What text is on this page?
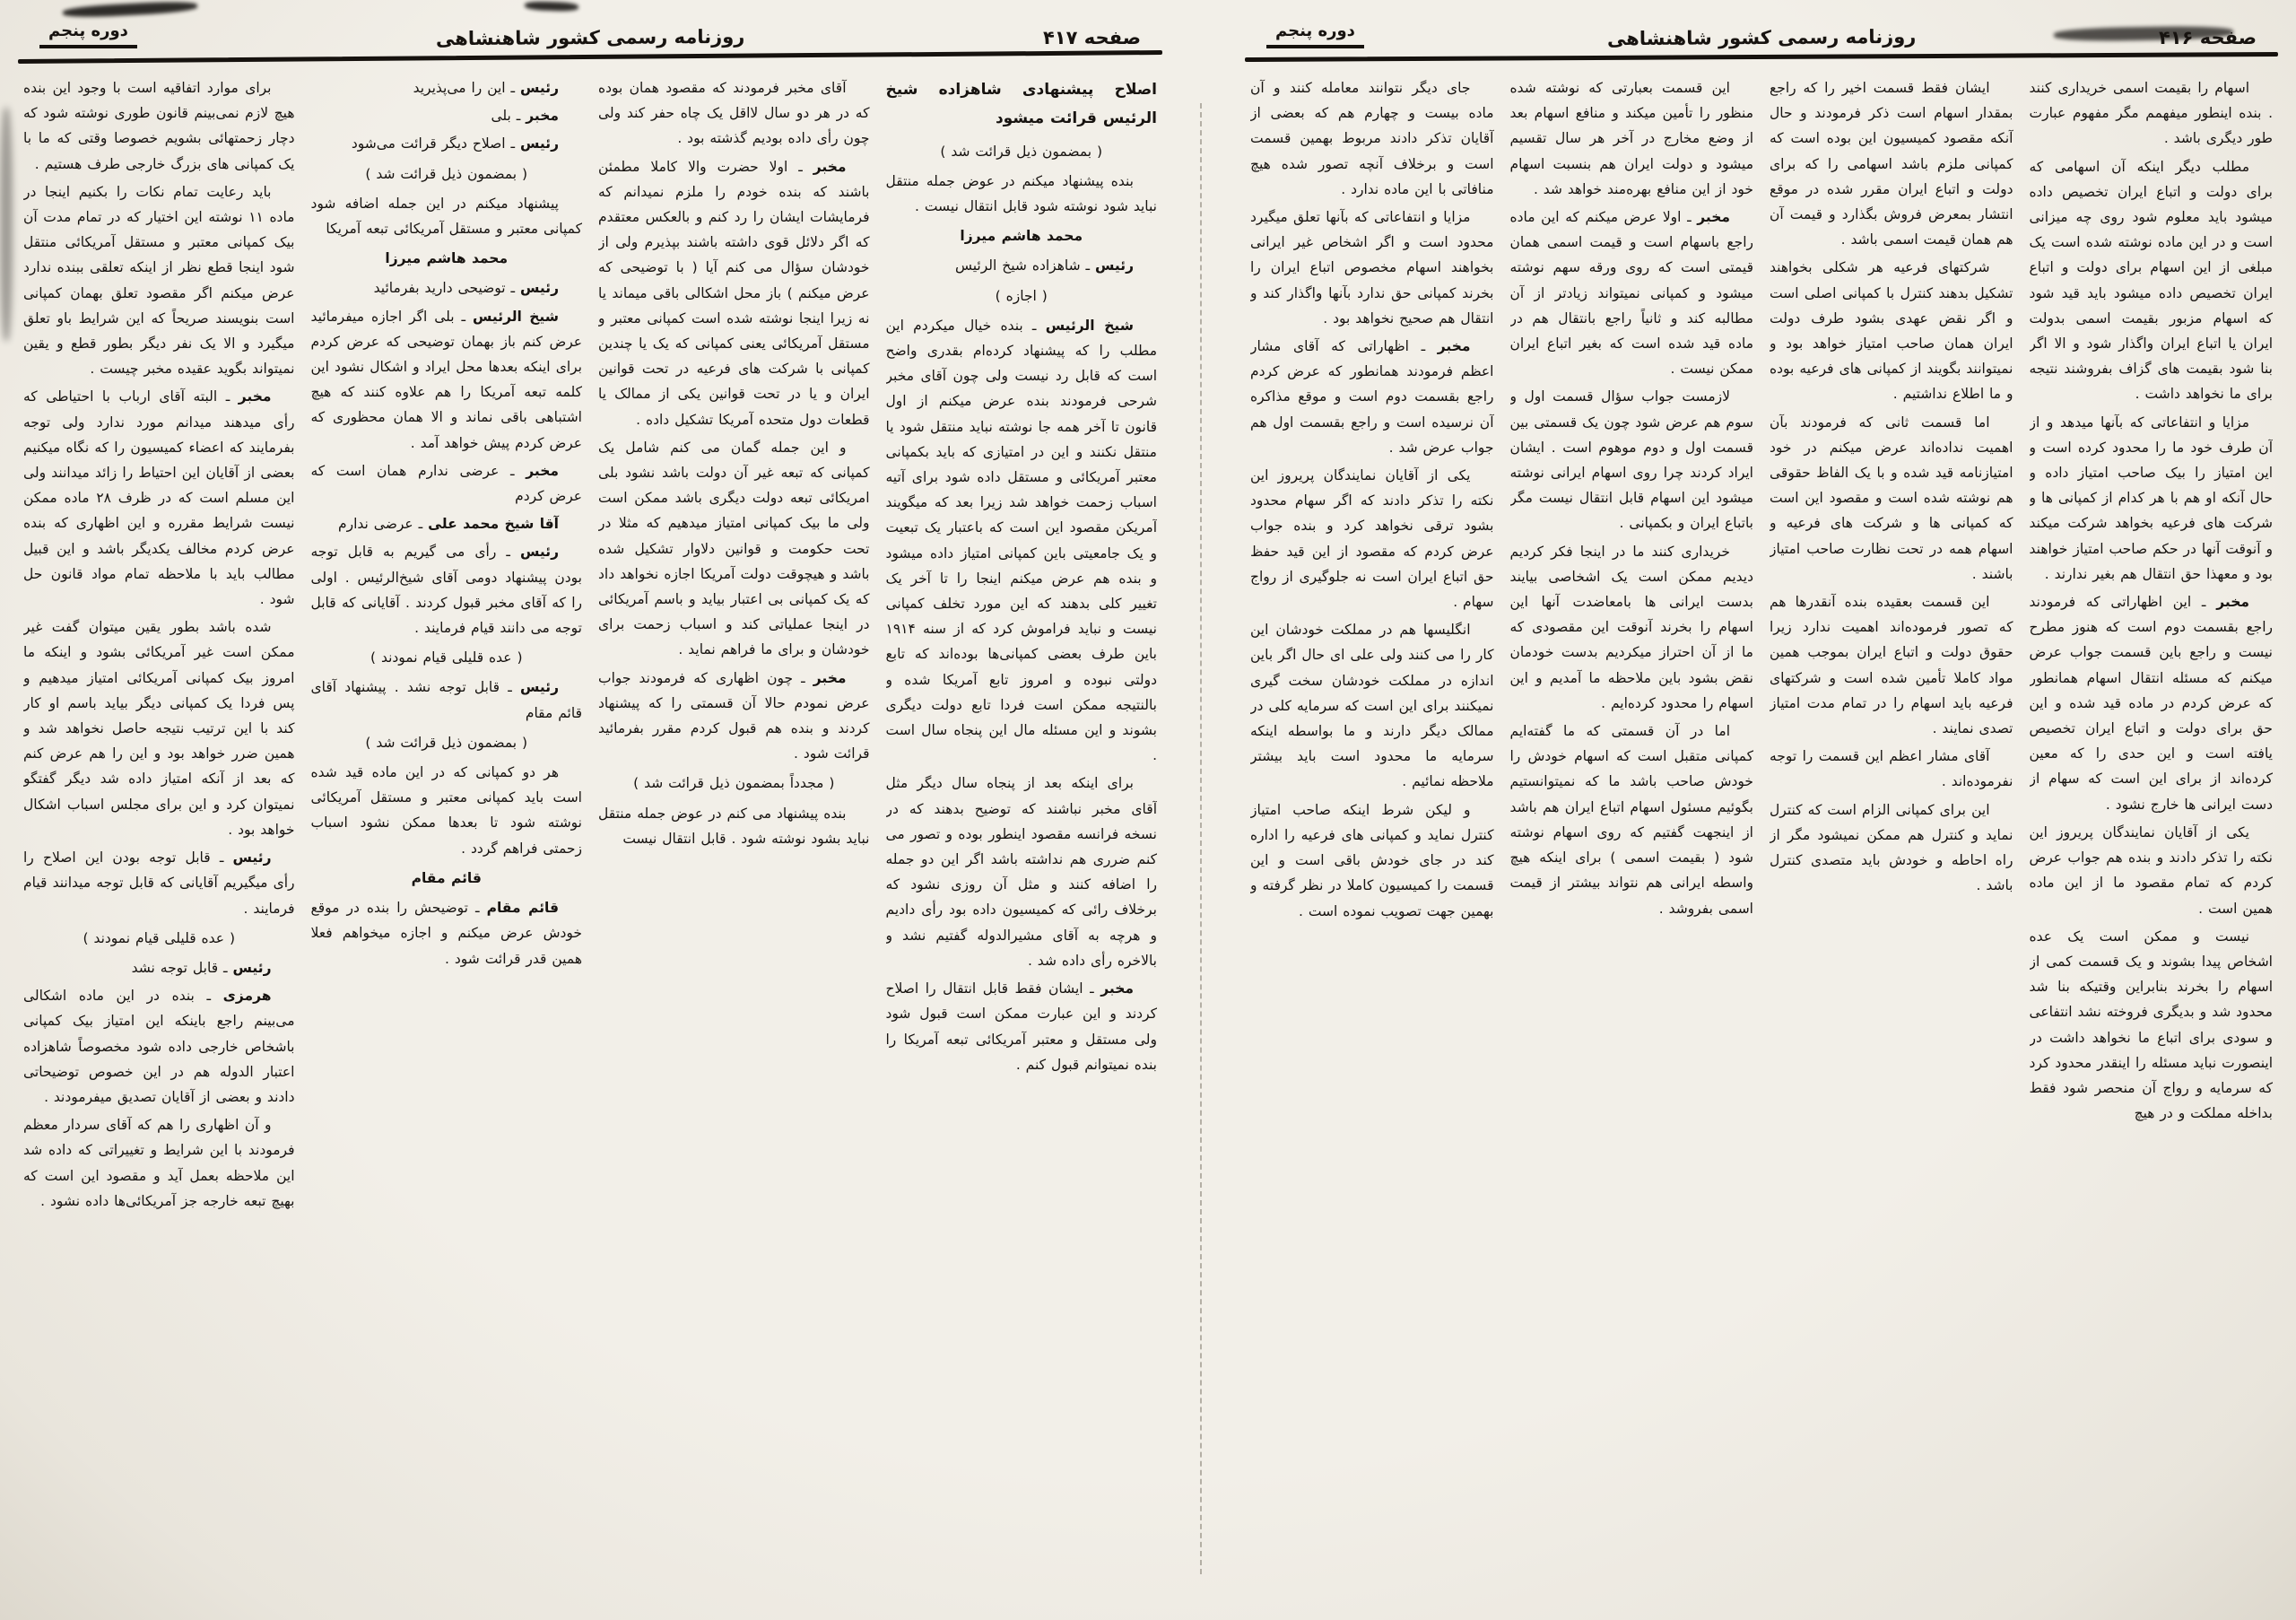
صفحه ۴۱۷
روزنامه رسمی کشور شاهنشاهی
دوره پنجم

اصلاح پیشنهادی شاهزاده شیخ الرئیس قرائت میشود

( بمضمون ذیل قرائت شد )

بنده پیشنهاد میکنم در عوض جمله منتقل نباید شود نوشته شود قابل انتقال نیست .

محمد هاشم میرزا

رئیس ـ شاهزاده شیخ الرئیس

( اجازه )

شیخ الرئیس ـ بنده خیال میکردم این مطلب را که پیشنهاد کرده‌ام بقدری واضح است که قابل رد نیست ولی چون آقای مخبر شرحی فرمودند بنده عرض میکنم از اول قانون تا آخر همه جا نوشته نباید منتقل شود یا منتقل نکنند و این در امتیازی که باید بکمپانی معتبر آمریکائی و مستقل داده شود برای آتیه اسباب زحمت خواهد شد زیرا بعد که میگویند آمریکن مقصود این است که باعتبار یک تبعیت و یک جامعیتی باین کمپانی امتیاز داده میشود و بنده هم عرض میکنم اینجا را تا آخر یک تغییر کلی بدهند که این مورد تخلف کمپانی نیست و نباید فراموش کرد که از سنه ۱۹۱۴ باین طرف بعضی کمپانی‌ها بوده‌اند که تابع دولتی نبوده و امروز تابع آمریکا شده و بالنتیجه ممکن است فردا تابع دولت دیگری بشوند و این مسئله مال این پنجاه سال است .

برای اینکه بعد از پنجاه سال دیگر مثل آقای مخبر نباشند که توضیح بدهند که در نسخه فرانسه مقصود اینطور بوده و تصور می کنم ضرری هم نداشته باشد اگر این دو جمله را اضافه کنند و مثل آن روزی نشود که برخلاف رائی که کمیسیون داده بود رأی دادیم و هرچه به آقای مشیرالدوله گفتیم نشد و بالاخره رأی داده شد .

مخبر ـ ایشان فقط قابل انتقال را اصلاح کردند و این عبارت ممکن است قبول شود ولی مستقل و معتبر آمریکائی تبعه آمریکا را بنده نمیتوانم قبول کنم .

آقای مخبر فرمودند که مقصود همان بوده که در هر دو سال لااقل یک چاه حفر کند ولی چون رأی داده بودیم گذشته بود .

مخبر ـ اولا حضرت والا کاملا مطمئن باشند که بنده خودم را ملزم نمیدانم که فرمایشات ایشان را رد کنم و بالعکس معتقدم که اگر دلائل قوی داشته باشند بپذیرم ولی از خودشان سؤال می کنم آیا ( با توضیحی که عرض میکنم ) باز محل اشکالی باقی میماند یا نه زیرا اینجا نوشته شده است کمپانی معتبر و مستقل آمریکائی یعنی کمپانی که یک یا چندین کمپانی با شرکت های فرعیه در تحت قوانین ایران و یا در تحت قوانین یکی از ممالک یا قطعات دول متحده آمریکا تشکیل داده .

و این جمله گمان می کنم شامل یک کمپانی که تبعه غیر آن دولت باشد نشود بلی امریکائی تبعه دولت دیگری باشد ممکن است ولی ما بیک کمپانی امتیاز میدهیم که مثلا در تحت حکومت و قوانین دلاوار تشکیل شده باشد و هیچوقت دولت آمریکا اجازه نخواهد داد که یک کمپانی بی اعتبار بیاید و باسم آمریکائی در اینجا عملیاتی کند و اسباب زحمت برای خودشان و برای ما فراهم نماید .

مخبر ـ چون اظهاری که فرمودند جواب عرض نمودم حالا آن قسمتی را که پیشنهاد کردند و بنده هم قبول کردم مقرر بفرمائید قرائت شود .

( مجدداً بمضمون ذیل قرائت شد )

بنده پیشنهاد می کنم در عوض جمله منتقل نباید بشود نوشته شود . قابل انتقال نیست

رئیس ـ این را می‌پذیرید

مخبر ـ بلی

رئیس ـ اصلاح دیگر قرائت می‌شود

( بمضمون ذیل قرائت شد )

پیشنهاد میکنم در این جمله اضافه شود کمپانی معتبر و مستقل آمریکائی تبعه آمریکا

محمد هاشم میرزا

رئیس ـ توضیحی دارید بفرمائید

شیخ الرئیس ـ بلی اگر اجازه میفرمائید عرض کنم باز بهمان توضیحی که عرض کردم برای اینکه بعدها محل ایراد و اشکال نشود این کلمه تبعه آمریکا را هم علاوه کنند که هیچ اشتباهی باقی نماند و الا همان محظوری که عرض کردم پیش خواهد آمد .

مخبر ـ عرضی ندارم همان است که عرض کردم

آقا شیخ محمد علی ـ عرضی ندارم

رئیس ـ رأی می گیریم به قابل توجه بودن پیشنهاد دومی آقای شیخ‌الرئیس . اولی را که آقای مخبر قبول کردند . آقایانی که قابل توجه می دانند قیام فرمایند .

( عده قلیلی قیام نمودند )

رئیس ـ قابل توجه نشد . پیشنهاد آقای قائم مقام

( بمضمون ذیل قرائت شد )

هر دو کمپانی که در این ماده قید شده است باید کمپانی معتبر و مستقل آمریکائی نوشته شود تا بعدها ممکن نشود اسباب زحمتی فراهم گردد .

قائم مقام

قائم مقام ـ توضیحش را بنده در موقع خودش عرض میکنم و اجازه میخواهم فعلا همین قدر قرائت شود .

برای موارد اتفاقیه است با وجود این بنده هیچ لازم نمی‌بینم قانون طوری نوشته شود که دچار زحمتهائی بشویم خصوصا وقتی که ما با یک کمپانی های بزرگ خارجی طرف هستیم .

باید رعایت تمام نکات را بکنیم اینجا در ماده ۱۱ نوشته این اختیار که در تمام مدت آن بیک کمپانی معتبر و مستقل آمریکائی منتقل شود اینجا قطع نظر از اینکه تعلقی ببنده ندارد عرض میکنم اگر مقصود تعلق بهمان کمپانی است بنویسند صریحاً که این شرایط باو تعلق میگیرد و الا یک نفر دیگر بطور قطع و یقین نمیتواند بگوید عقیده مخبر چیست .

مخبر ـ البته آقای ارباب با احتیاطی که رأی میدهند میدانم مورد ندارد ولی توجه بفرمایند که اعضاء کمیسیون را که نگاه میکنیم بعضی از آقایان این احتیاط را زائد میدانند ولی این مسلم است که در ظرف ۲۸ ماده ممکن نیست شرایط مقرره و این اظهاری که بنده عرض کردم مخالف یکدیگر باشد و این قبیل مطالب باید با ملاحظه تمام مواد قانون حل شود .

شده باشد بطور یقین میتوان گفت غیر ممکن است غیر آمریکائی بشود و اینکه ما امروز بیک کمپانی آمریکائی امتیاز میدهیم و پس فردا یک کمپانی دیگر بیاید باسم او کار کند با این ترتیب نتیجه حاصل نخواهد شد و همین ضرر خواهد بود و این را هم عرض کنم که بعد از آنکه امتیاز داده شد دیگر گفتگو نمیتوان کرد و این برای مجلس اسباب اشکال خواهد بود .

رئیس ـ قابل توجه بودن این اصلاح را رأی میگیریم آقایانی که قابل توجه میدانند قیام فرمایند .

( عده قلیلی قیام نمودند )

رئیس ـ قابل توجه نشد

هرمزی ـ بنده در این ماده اشکالی می‌بینم راجع باینکه این امتیاز بیک کمپانی باشخاص خارجی داده شود مخصوصاً شاهزاده اعتبار الدوله هم در این خصوص توضیحاتی دادند و بعضی از آقایان تصدیق میفرمودند .

و آن اظهاری را هم که آقای سردار معظم فرمودند با این شرایط و تغییراتی که داده شد این ملاحظه بعمل آید و مقصود این است که بهیچ تبعه خارجه جز آمریکائی‌ها داده نشود .

صفحه ۴۱۶
روزنامه رسمی کشور شاهنشاهی
دوره پنجم

اسهام را بقیمت اسمی خریداری کنند . بنده اینطور میفهمم مگر مفهوم عبارت طور دیگری باشد .

مطلب دیگر اینکه آن اسهامی که برای دولت و اتباع ایران تخصیص داده میشود باید معلوم شود روی چه میزانی است و در این ماده نوشته شده است یک مبلغی از این اسهام برای دولت و اتباع ایران تخصیص داده میشود باید قید شود که اسهام مزبور بقیمت اسمی بدولت ایران یا اتباع ایران واگذار شود و الا اگر بنا شود بقیمت های گزاف بفروشند نتیجه برای ما نخواهد داشت .

مزایا و انتفاعاتی که بآنها میدهد و از آن طرف خود ما را محدود کرده است و این امتیاز را بیک صاحب امتیاز داده و حال آنکه او هم با هر کدام از کمپانی ها و شرکت های فرعیه بخواهد شرکت میکند و آنوقت آنها در حکم صاحب امتیاز خواهند بود و معهذا حق انتقال هم بغیر ندارند .

مخبر ـ این اظهاراتی که فرمودند راجع بقسمت دوم است که هنوز مطرح نیست و راجع باین قسمت جواب عرض میکنم که مسئله انتقال اسهام همانطور که عرض کردم در ماده قید شده و این حق برای دولت و اتباع ایران تخصیص یافته است و این حدی را که معین کرده‌اند از برای این است که سهام از دست ایرانی ها خارج نشود .

یکی از آقایان نمایندگان پریروز این نکته را تذکر دادند و بنده هم جواب عرض کردم که تمام مقصود ما از این ماده همین است .

نیست و ممکن است یک عده اشخاص پیدا بشوند و یک قسمت کمی از اسهام را بخرند بنابراین وقتیکه بنا شد محدود شد و بدیگری فروخته نشد انتفاعی و سودی برای اتباع ما نخواهد داشت در اینصورت نباید مسئله را اینقدر محدود کرد که سرمایه و رواج آن منحصر شود فقط بداخله مملکت و در هیچ

ایشان فقط قسمت اخیر را که راجع بمقدار اسهام است ذکر فرمودند و حال آنکه مقصود کمیسیون این بوده است که کمپانی ملزم باشد اسهامی را که برای دولت و اتباع ایران مقرر شده در موقع انتشار بمعرض فروش بگذارد و قیمت آن هم همان قیمت اسمی باشد .

شرکتهای فرعیه هر شکلی بخواهند تشکیل بدهند کنترل با کمپانی اصلی است و اگر نقض عهدی بشود طرف دولت ایران همان صاحب امتیاز خواهد بود و نمیتوانند بگویند از کمپانی های فرعیه بوده و ما اطلاع نداشتیم .

اما قسمت ثانی که فرمودند بآن اهمیت نداده‌اند عرض میکنم در خود امتیازنامه قید شده و با یک الفاظ حقوقی هم نوشته شده است و مقصود این است که کمپانی ها و شرکت های فرعیه و اسهام همه در تحت نظارت صاحب امتیاز باشند .

این قسمت بعقیده بنده آنقدرها هم که تصور فرموده‌اند اهمیت ندارد زیرا حقوق دولت و اتباع ایران بموجب همین مواد کاملا تأمین شده است و شرکتهای فرعیه باید اسهام را در تمام مدت امتیاز تصدی نمایند .

آقای مشار اعظم این قسمت را توجه نفرموده‌اند .

این برای کمپانی الزام است که کنترل نماید و کنترل هم ممکن نمیشود مگر از راه احاطه و خودش باید متصدی کنترل باشد .

این قسمت بعبارتی که نوشته شده منظور را تأمین میکند و منافع اسهام بعد از وضع مخارج در آخر هر سال تقسیم میشود و دولت ایران هم بنسبت اسهام خود از این منافع بهره‌مند خواهد شد .

مخبر ـ اولا عرض میکنم که این ماده راجع باسهام است و قیمت اسمی همان قیمتی است که روی ورقه سهم نوشته میشود و کمپانی نمیتواند زیادتر از آن مطالبه کند و ثانیاً راجع بانتقال هم در ماده قید شده است که بغیر اتباع ایران ممکن نیست .

لازمست جواب سؤال قسمت اول و سوم هم عرض شود چون یک قسمتی بین قسمت اول و دوم موهوم است . ایشان ایراد کردند چرا روی اسهام ایرانی نوشته میشود این اسهام قابل انتقال نیست مگر باتباع ایران و بکمپانی .

خریداری کنند ما در اینجا فکر کردیم دیدیم ممکن است یک اشخاصی بیایند بدست ایرانی ها بامعاضدت آنها این اسهام را بخرند آنوقت این مقصودی که ما از آن احتراز میکردیم بدست خودمان نقض بشود باین ملاحظه ما آمدیم و این اسهام را محدود کرده‌ایم .

اما در آن قسمتی که ما گفته‌ایم کمپانی متقبل است که اسهام خودش را خودش صاحب باشد ما که نمیتوانستیم بگوئیم مسئول اسهام اتباع ایران هم باشد از اینجهت گفتیم که روی اسهام نوشته شود ( بقیمت اسمی ) برای اینکه هیچ واسطه ایرانی هم نتواند بیشتر از قیمت اسمی بفروشد .

جای دیگر نتوانند معامله کنند و آن ماده بیست و چهارم هم که بعضی از آقایان تذکر دادند مربوط بهمین قسمت است و برخلاف آنچه تصور شده هیچ منافاتی با این ماده ندارد .

مزایا و انتفاعاتی که بآنها تعلق میگیرد محدود است و اگر اشخاص غیر ایرانی بخواهند اسهام مخصوص اتباع ایران را بخرند کمپانی حق ندارد بآنها واگذار کند و انتقال هم صحیح نخواهد بود .

مخبر ـ اظهاراتی که آقای مشار اعظم فرمودند همانطور که عرض کردم راجع بقسمت دوم است و موقع مذاکره آن نرسیده است و راجع بقسمت اول هم جواب عرض شد .

یکی از آقایان نمایندگان پریروز این نکته را تذکر دادند که اگر سهام محدود بشود ترقی نخواهد کرد و بنده جواب عرض کردم که مقصود از این قید حفظ حق اتباع ایران است نه جلوگیری از رواج سهام .

انگلیسها هم در مملکت خودشان این کار را می کنند ولی علی ای حال اگر باین اندازه در مملکت خودشان سخت گیری نمیکنند برای این است که سرمایه کلی در ممالک دیگر دارند و ما بواسطه اینکه سرمایه ما محدود است باید بیشتر ملاحظه نمائیم .

و لیکن شرط اینکه صاحب امتیاز کنترل نماید و کمپانی های فرعیه را اداره کند در جای خودش باقی است و این قسمت را کمیسیون کاملا در نظر گرفته و بهمین جهت تصویب نموده است .
